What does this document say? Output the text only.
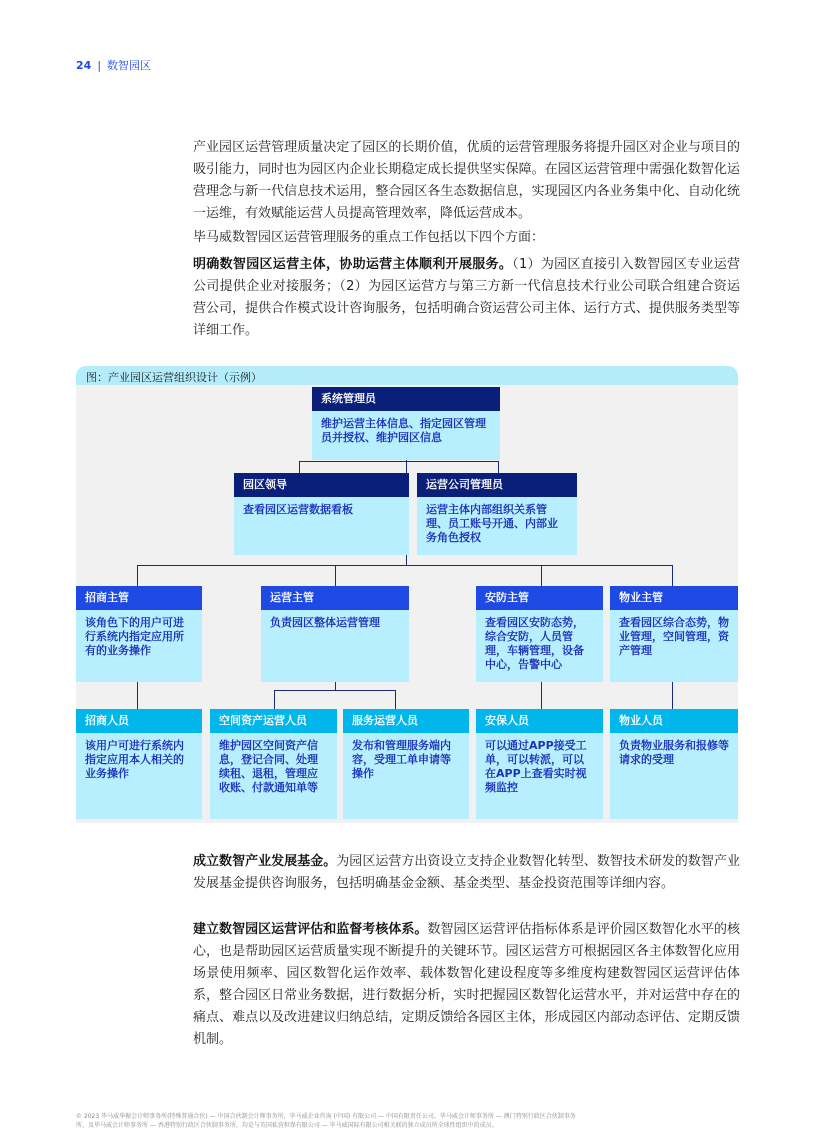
24 | 数智园区

产业园区运营管理质量决定了园区的长期价值，优质的运营管理服务将提升园区对企业与项目的吸引能力，同时也为园区内企业长期稳定成长提供坚实保障。在园区运营管理中需强化数智化运营理念与新一代信息技术运用，整合园区各生态数据信息，实现园区内各业务集中化、自动化统一运维，有效赋能运营人员提高管理效率，降低运营成本。

毕马威数智园区运营管理服务的重点工作包括以下四个方面：

明确数智园区运营主体，协助运营主体顺利开展服务。（1）为园区直接引入数智园区专业运营公司提供企业对接服务；（2）为园区运营方与第三方新一代信息技术行业公司联合组建合资运营公司，提供合作模式设计咨询服务，包括明确合资运营公司主体、运行方式、提供服务类型等详细工作。

图：产业园区运营组织设计（示例）
系统管理员
维护运营主体信息、指定园区管理员并授权、维护园区信息
园区领导
查看园区运营数据看板
运营公司管理员
运营主体内部组织关系管理、员工账号开通、内部业务角色授权
招商主管
该角色下的用户可进行系统内指定应用所有的业务操作
运营主管
负责园区整体运营管理
安防主管
查看园区安防态势，综合安防，人员管理，车辆管理，设备中心，告警中心
物业主管
查看园区综合态势，物业管理，空间管理，资产管理
招商人员
该用户可进行系统内指定应用本人相关的业务操作
空间资产运营人员
维护园区空间资产信息，登记合同、处理续租、退租，管理应收账、付款通知单等
服务运营人员
发布和管理服务端内容，受理工单申请等操作
安保人员
可以通过APP接受工单，可以转派，可以在APP上查看实时视频监控
物业人员
负责物业服务和报修等请求的受理

成立数智产业发展基金。为园区运营方出资设立支持企业数智化转型、数智技术研发的数智产业发展基金提供咨询服务，包括明确基金金额、基金类型、基金投资范围等详细内容。

建立数智园区运营评估和监督考核体系。数智园区运营评估指标体系是评价园区数智化水平的核心，也是帮助园区运营质量实现不断提升的关键环节。园区运营方可根据园区各主体数智化应用场景使用频率、园区数智化运作效率、载体数智化建设程度等多维度构建数智园区运营评估体系，整合园区日常业务数据，进行数据分析，实时把握园区数智化运营水平，并对运营中存在的痛点、难点以及改进建议归纳总结，定期反馈给各园区主体，形成园区内部动态评估、定期反馈机制。

© 2023 毕马威华振会计师事务所(特殊普通合伙) — 中国合伙制会计师事务所，毕马威企业咨询 (中国) 有限公司 — 中国有限责任公司，毕马威会计师事务所 — 澳门特别行政区合伙制事务
所，及毕马威会计师事务所 — 香港特别行政区合伙制事务所，均是与英国私营担保有限公司 — 毕马威国际有限公司相关联的独立成员所全球性组织中的成员。
